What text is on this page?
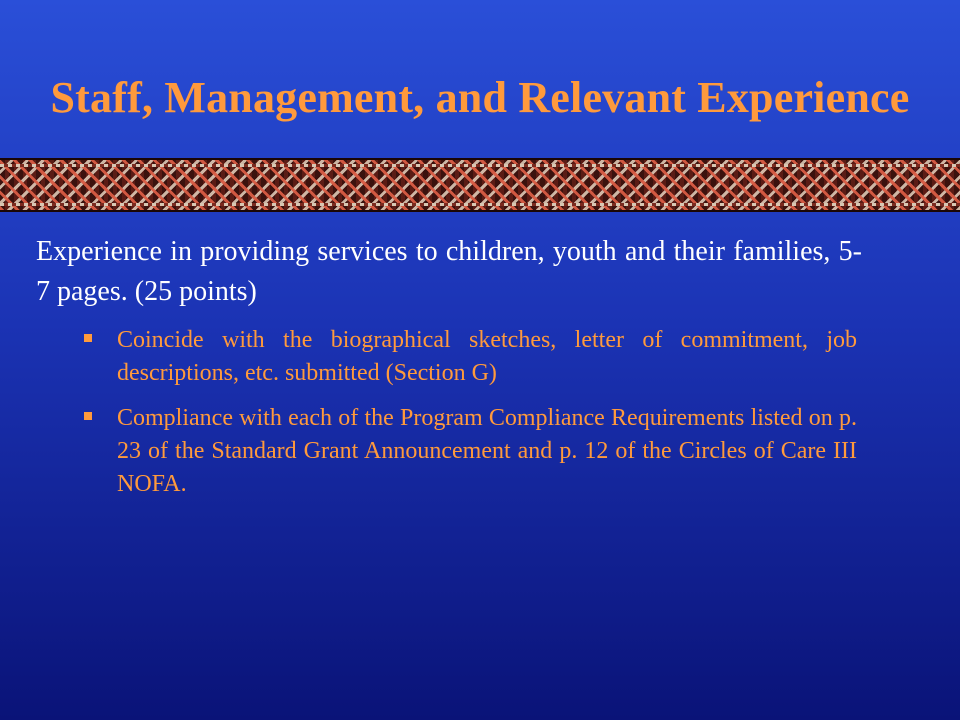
Staff, Management, and Relevant Experience

Experience in providing services to children, youth and their families, 5-7 pages. (25 points)

Coincide with the biographical sketches, letter of commitment, job descriptions, etc. submitted (Section G)
Compliance with each of the Program Compliance Requirements listed on p. 23 of the Standard Grant Announcement and p. 12 of the Circles of Care III NOFA.
